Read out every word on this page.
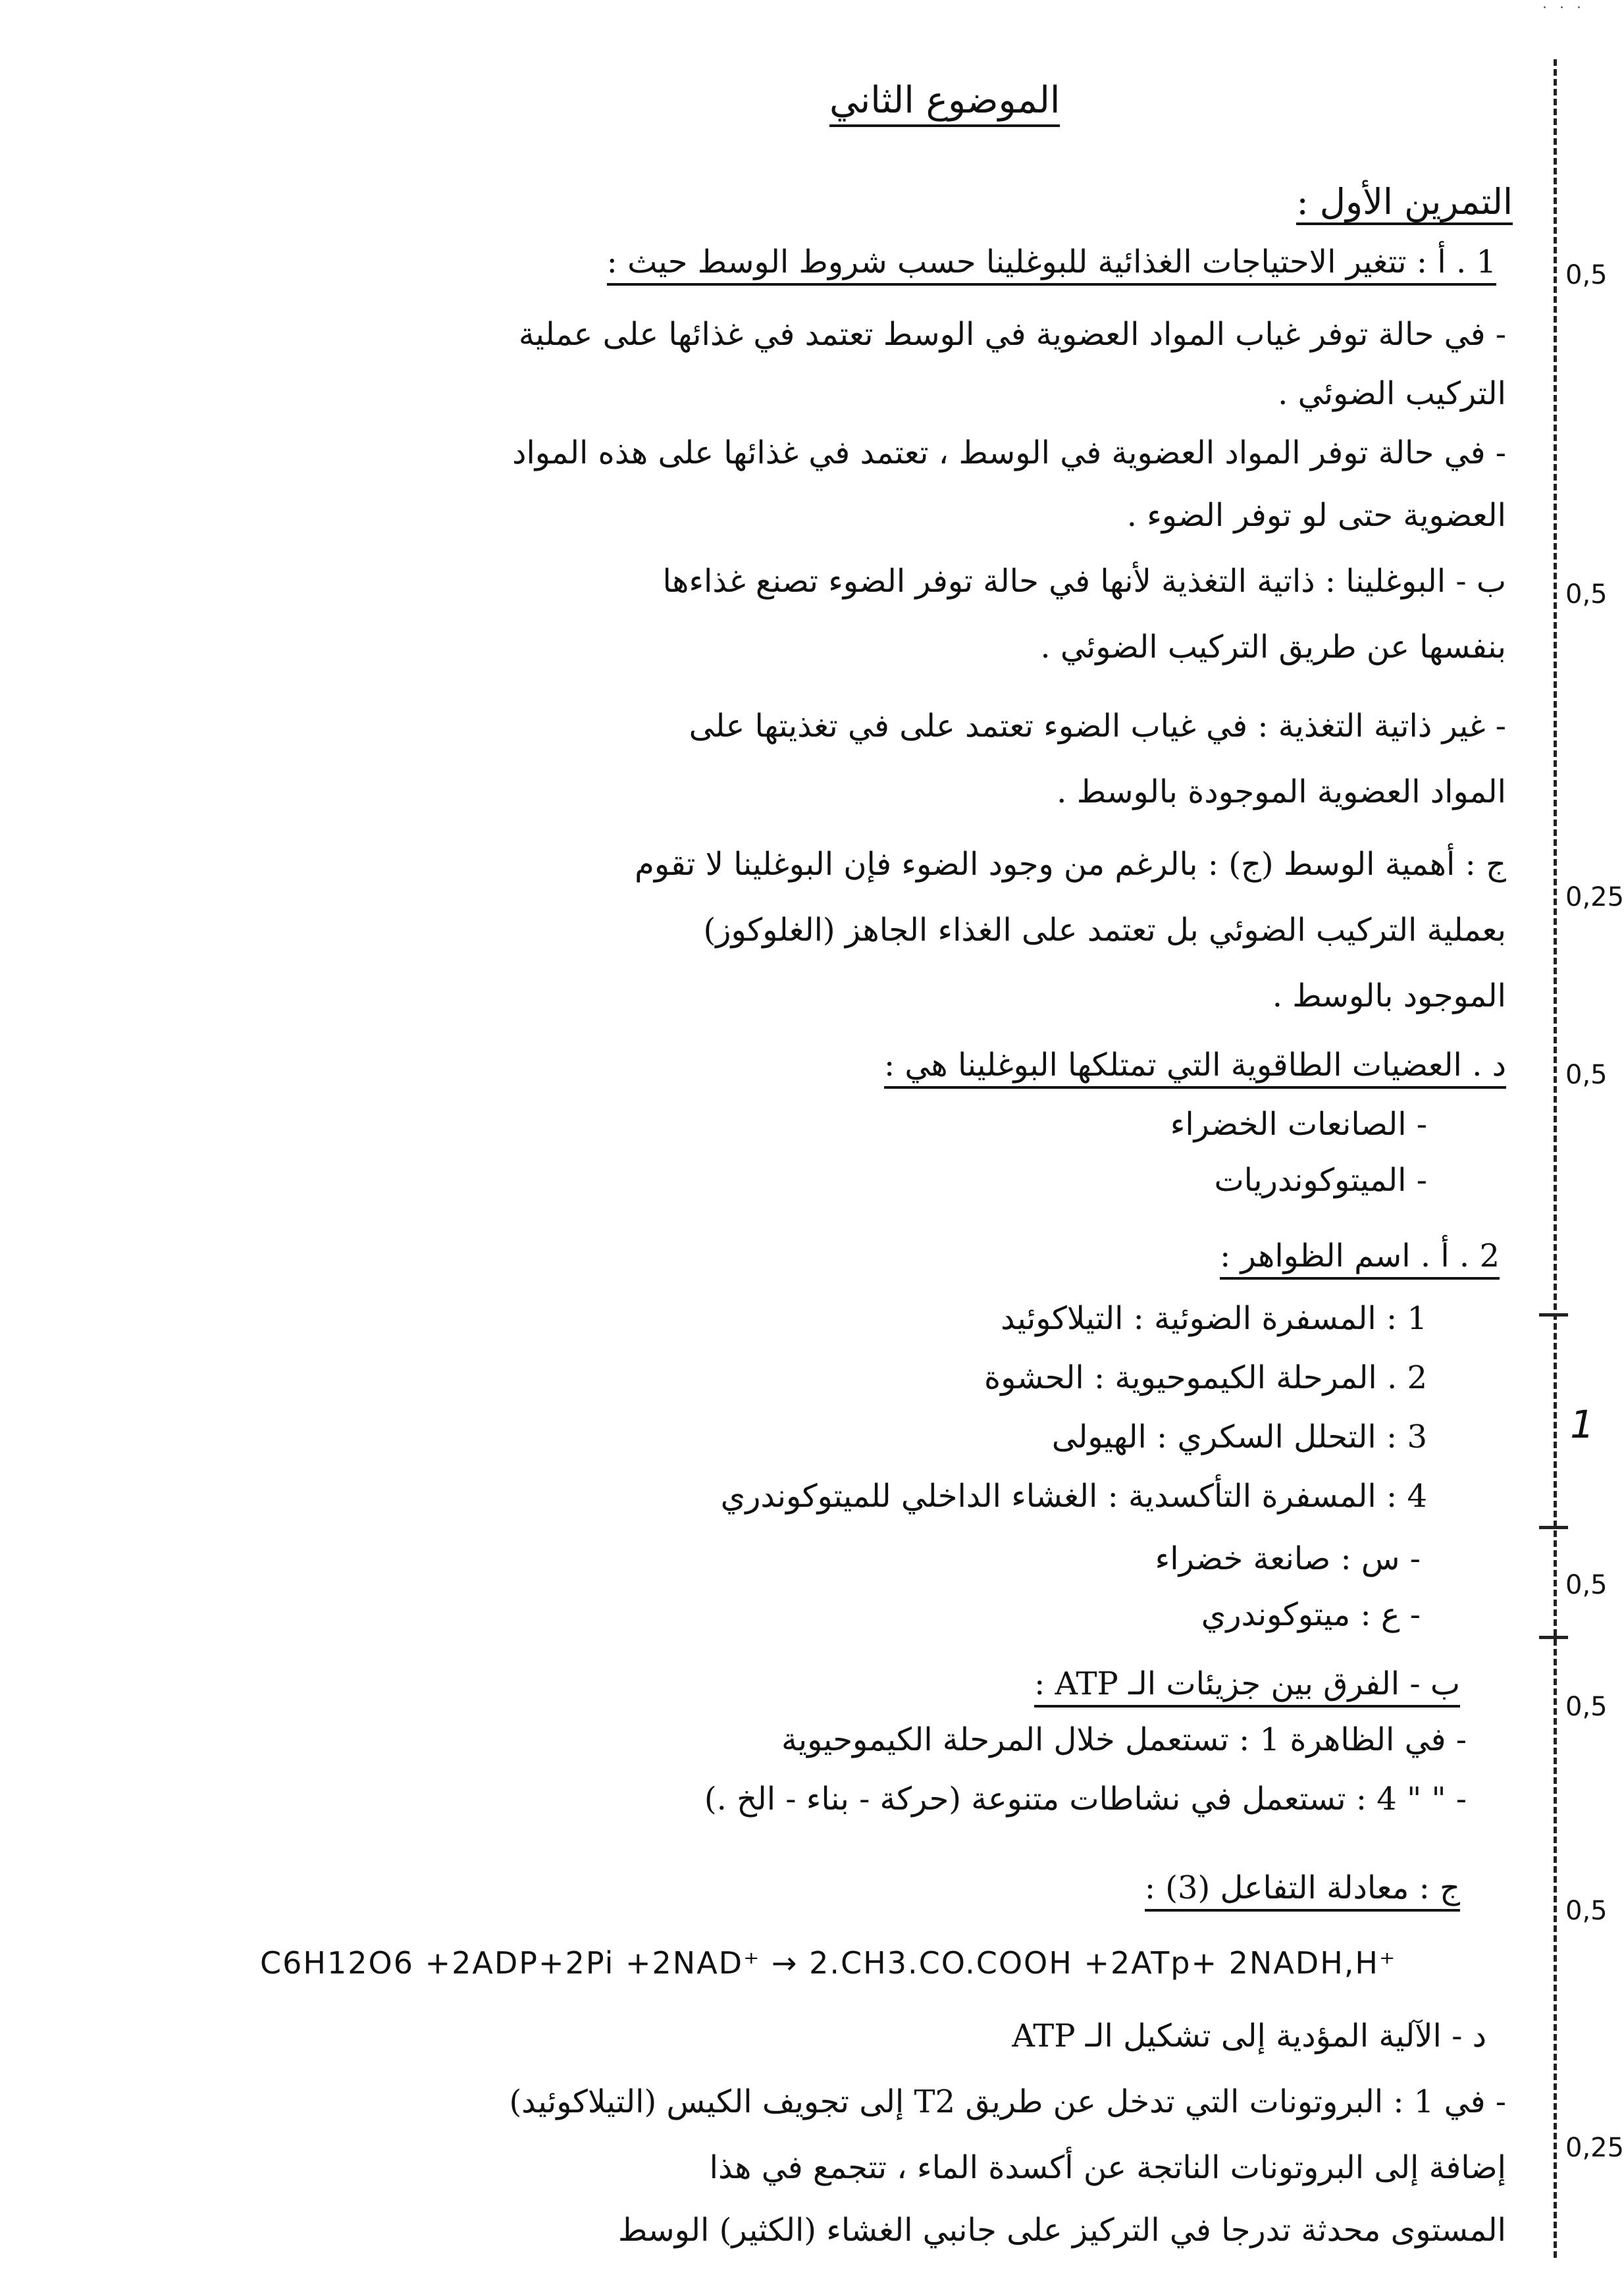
· · ·
0,5
0,5
0,25
0,5
1
0,5
0,5
0,5
0,25
الموضوع الثاني
التمرين الأول :
1 . أ : تتغير الاحتياجات الغذائية للبوغلينا حسب شروط الوسط حيث :
- في حالة توفر غياب المواد العضوية في الوسط تعتمد في غذائها على عملية
التركيب الضوئي .
- في حالة توفر المواد العضوية في الوسط ، تعتمد في غذائها على هذه المواد
العضوية حتى لو توفر الضوء .
ب - البوغلينا : ذاتية التغذية لأنها في حالة توفر الضوء تصنع غذاءها
بنفسها عن طريق التركيب الضوئي .
- غير ذاتية التغذية : في غياب الضوء تعتمد على في تغذيتها على
المواد العضوية الموجودة بالوسط .
ج : أهمية الوسط (ج) : بالرغم من وجود الضوء فإن البوغلينا لا تقوم
بعملية التركيب الضوئي بل تعتمد على الغذاء الجاهز (الغلوكوز)
الموجود بالوسط .
د . العضيات الطاقوية التي تمتلكها البوغلينا هي :
- الصانعات الخضراء
- الميتوكوندريات
2 . أ . اسم الظواهر :
1 : المسفرة الضوئية : التيلاكوئيد
2 . المرحلة الكيموحيوية : الحشوة
3 : التحلل السكري : الهيولى
4 : المسفرة التأكسدية : الغشاء الداخلي للميتوكوندري
- س : صانعة خضراء
- ع : ميتوكوندري
ب - الفرق بين جزيئات الـ ATP :
- في الظاهرة 1 : تستعمل خلال المرحلة الكيموحيوية
- " " 4 : تستعمل في نشاطات متنوعة (حركة - بناء - الخ .)
ج : معادلة التفاعل (3) :
C6H12O6 +2ADP+2Pi +2NAD⁺ → 2.CH3.CO.COOH +2ATp+ 2NADH,H⁺
د - الآلية المؤدية إلى تشكيل الـ ATP
- في 1 : البروتونات التي تدخل عن طريق T2 إلى تجويف الكيس (التيلاكوئيد)
إضافة إلى البروتونات الناتجة عن أكسدة الماء ، تتجمع في هذا
المستوى محدثة تدرجا في التركيز على جانبي الغشاء (الكثير) الوسط
